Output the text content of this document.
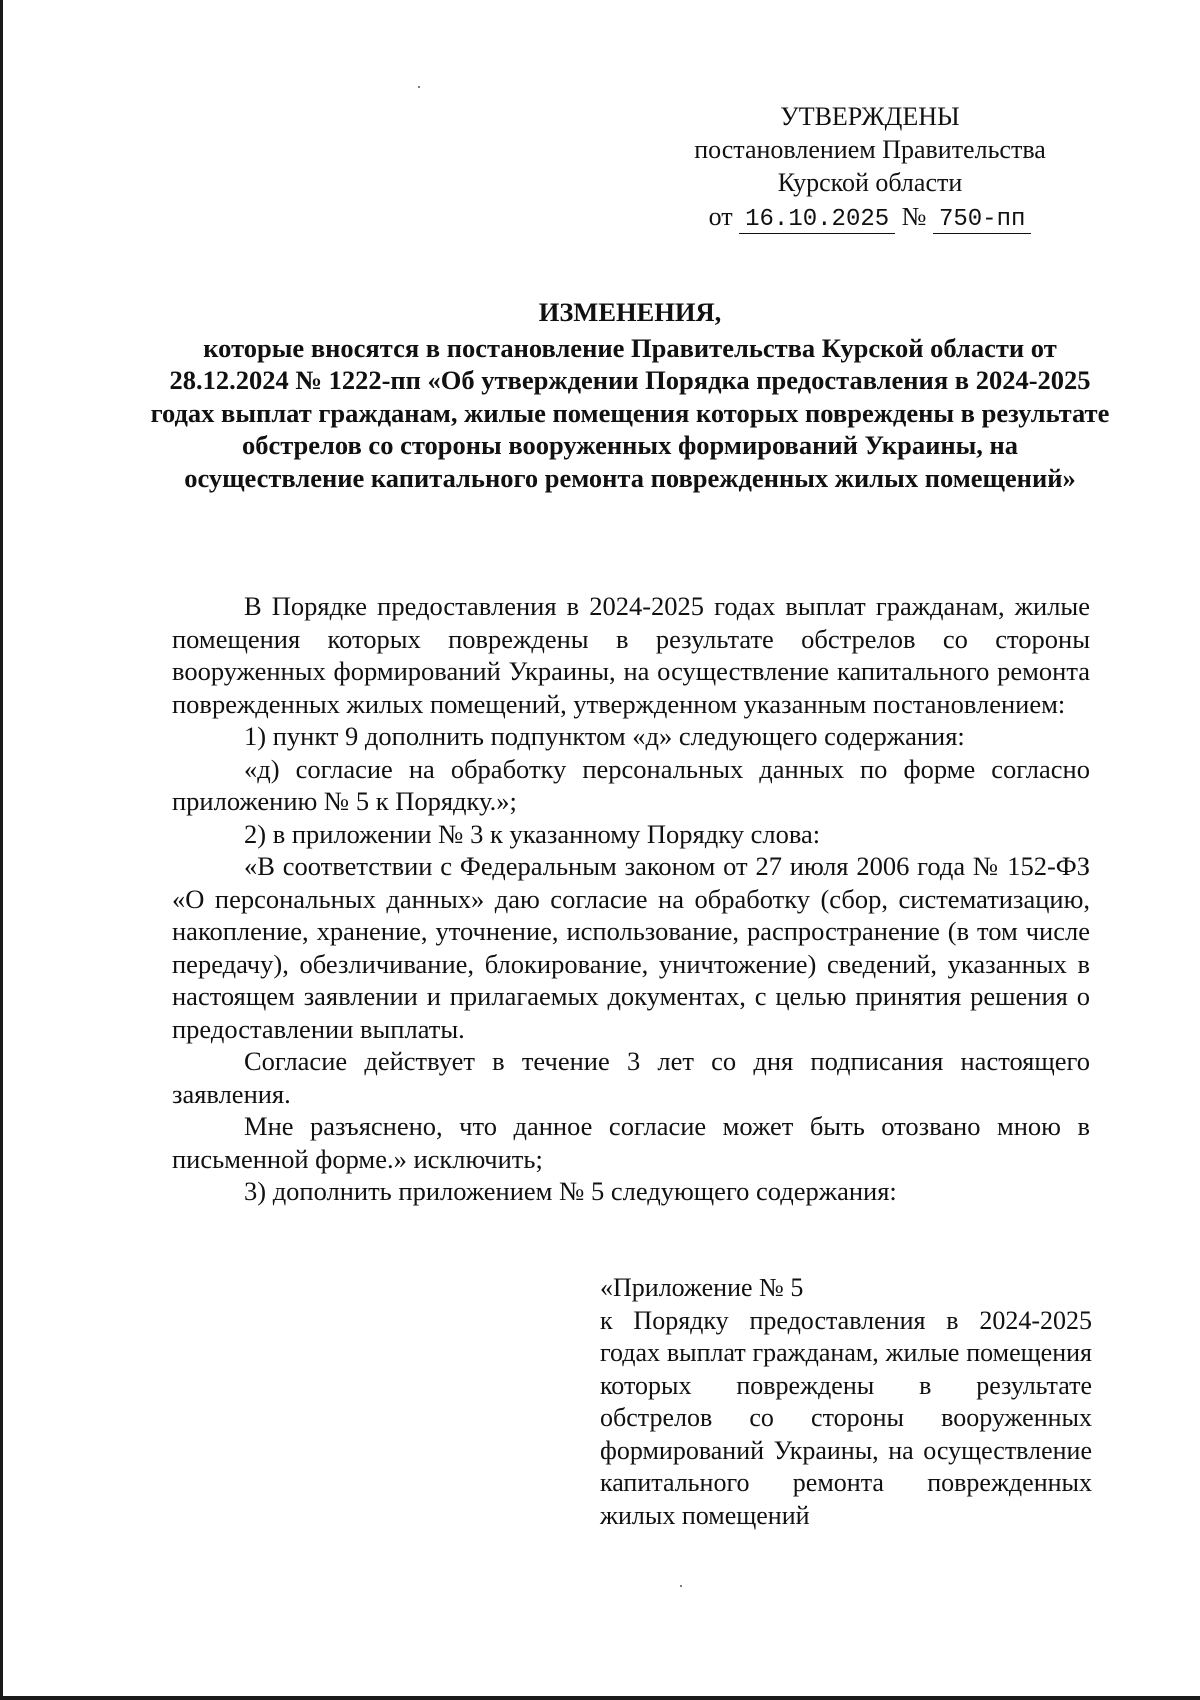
УТВЕРЖДЕНЫ
постановлением Правительства
Курской области
от 16.10.2025 № 750-пп
ИЗМЕНЕНИЯ,
которые вносятся в постановление Правительства Курской области от 28.12.2024 № 1222-пп «Об утверждении Порядка предоставления в 2024-2025 годах выплат гражданам, жилые помещения которых повреждены в результате обстрелов со стороны вооруженных формирований Украины, на осуществление капитального ремонта поврежденных жилых помещений»

В Порядке предоставления в 2024-2025 годах выплат гражданам, жилые помещения которых повреждены в результате обстрелов со стороны вооруженных формирований Украины, на осуществление капитального ремонта поврежденных жилых помещений, утвержденном указанным постановлением:

1) пункт 9 дополнить подпунктом «д» следующего содержания:

«д) согласие на обработку персональных данных по форме согласно приложению № 5 к Порядку.»;

2) в приложении № 3 к указанному Порядку слова:

«В соответствии с Федеральным законом от 27 июля 2006 года № 152-ФЗ «О персональных данных» даю согласие на обработку (сбор, систематизацию, накопление, хранение, уточнение, использование, распространение (в том числе передачу), обезличивание, блокирование, уничтожение) сведений, указанных в настоящем заявлении и прилагаемых документах, с целью принятия решения о предоставлении выплаты.

Согласие действует в течение 3 лет со дня подписания настоящего заявления.

Мне разъяснено, что данное согласие может быть отозвано мною в письменной форме.» исключить;

3) дополнить приложением № 5 следующего содержания:

«Приложение № 5
к Порядку предоставления в 2024-2025 годах выплат гражданам, жилые помещения которых повреждены в результате обстрелов со стороны вооруженных формирований Украины, на осуществление капитального ремонта поврежденных жилых помещений
